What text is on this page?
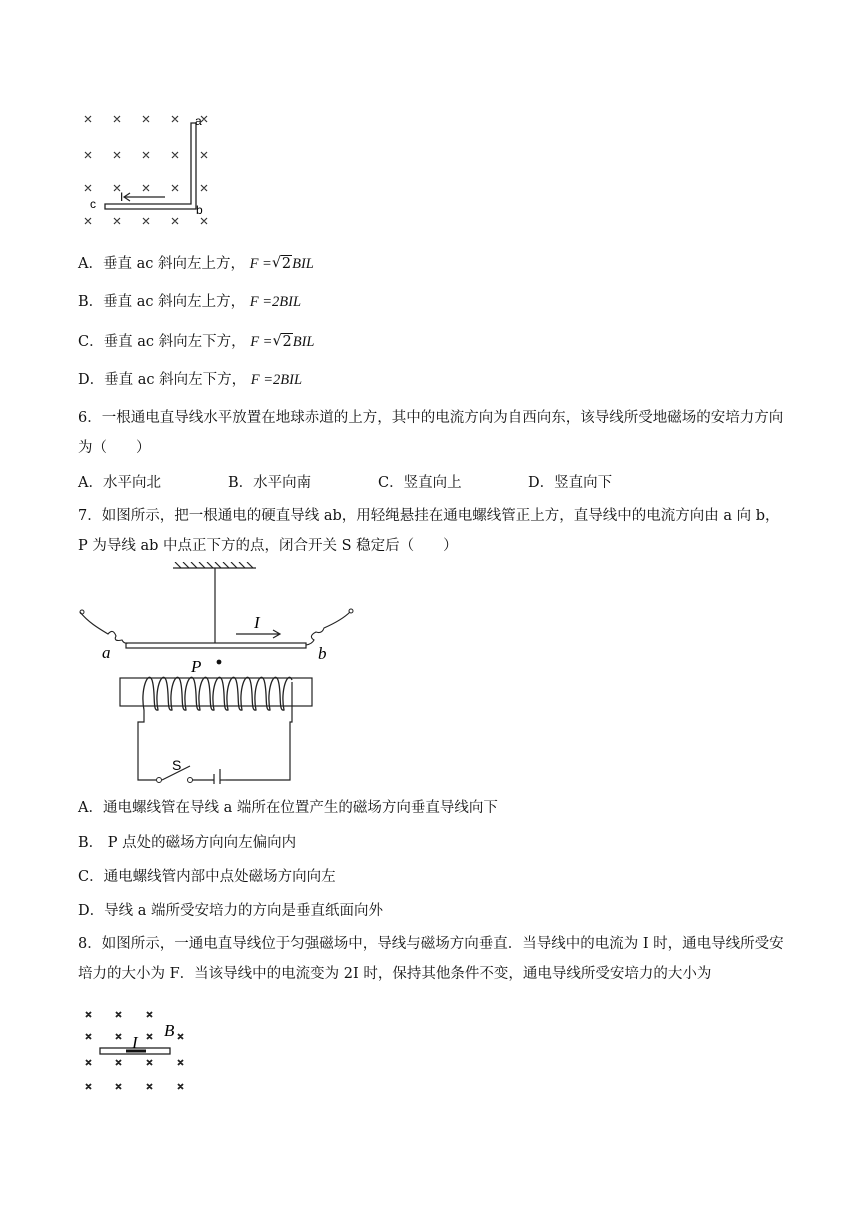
a
b
c I
A．垂直 ac 斜向左上方， F = √ 2BIL
B．垂直 ac 斜向左上方， F =2BIL
C．垂直 ac 斜向左下方， F = √ 2BIL
D．垂直 ac 斜向左下方， F =2BIL
6．一根通电直导线水平放置在地球赤道的上方，其中的电流方向为自西向东，该导线所受地磁场的安培力方向为（　　）
A．水平向北	B．水平向南	C．竖直向上	D．竖直向下
7．如图所示，把一根通电的硬直导线 ab，用轻绳悬挂在通电螺线管正上方，直导线中的电流方向由 a 向 b，P 为导线 ab 中点正下方的点，闭合开关 S 稳定后（　　）
I
a	b
P
S
A．通电螺线管在导线 a 端所在位置产生的磁场方向垂直导线向下
B． P 点处的磁场方向向左偏向内
C．通电螺线管内部中点处磁场方向向左
D．导线 a 端所受安培力的方向是垂直纸面向外
8．如图所示，一通电直导线位于匀强磁场中，导线与磁场方向垂直．当导线中的电流为 I 时，通电导线所受安培力的大小为 F．当该导线中的电流变为 2I 时，保持其他条件不变，通电导线所受安培力的大小为
I
B
